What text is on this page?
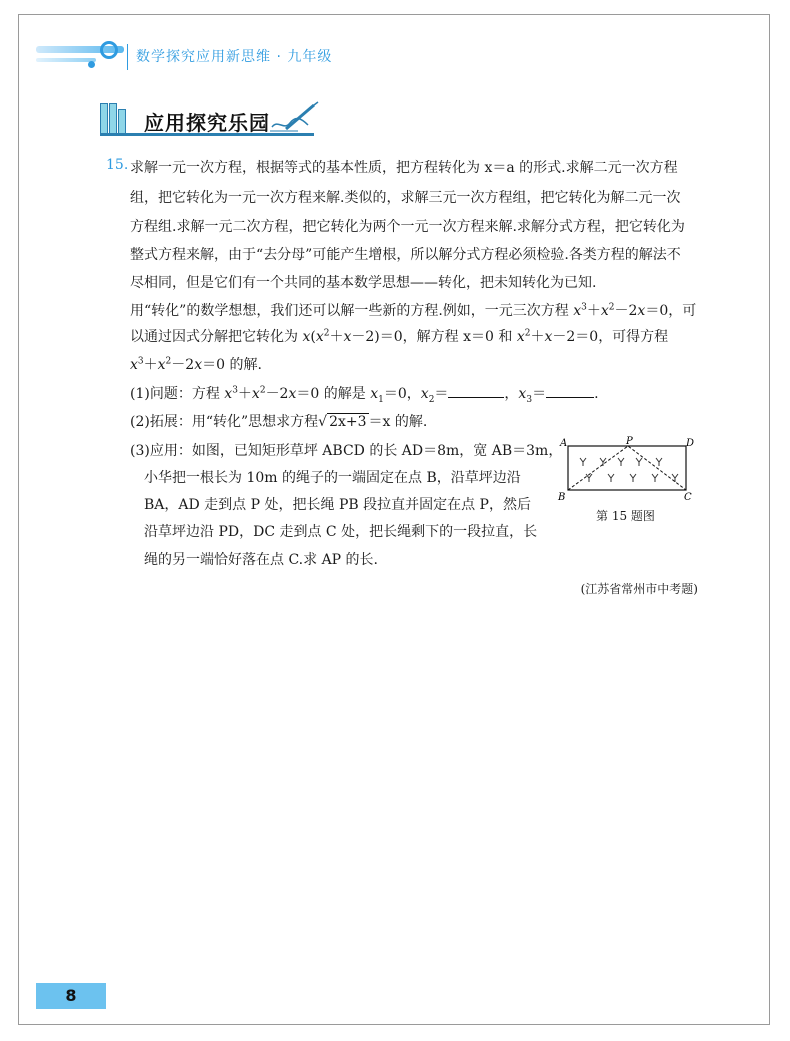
数学探究应用新思维 · 九年级
应用探究乐园
15. 求解一元一次方程，根据等式的基本性质，把方程转化为 x＝a 的形式.求解二元一次方程
组，把它转化为一元一次方程来解.类似的，求解三元一次方程组，把它转化为解二元一次
方程组.求解一元二次方程，把它转化为两个一元一次方程来解.求解分式方程，把它转化为
整式方程来解，由于“去分母”可能产生增根，所以解分式方程必须检验.各类方程的解法不
尽相同，但是它们有一个共同的基本数学思想——转化，把未知转化为已知.
用“转化”的数学想想，我们还可以解一些新的方程.例如，一元三次方程 $x^3+x^2-2x=0$，可
以通过因式分解把它转化为 $x(x^2+x-2)=0$，解方程 x＝0 和 $x^2+x-2=0$，可得方程
$x^3+x^2-2x=0$ 的解.
(1)问题：方程 $x^3+x^2-2x=0$ 的解是 $x_1=0$，$x_2=$	，$x_3=$	.
(2)拓展：用“转化”思想求方程√ 2x+3 ＝x 的解.
(3)应用：如图，已知矩形草坪 ABCD 的长 AD＝8m，宽 AB＝3m，
小华把一根长为 10m 的绳子的一端固定在点 B，沿草坪边沿
BA，AD 走到点 P 处，把长绳 PB 段拉直并固定在点 P，然后
沿草坪边沿 PD，DC 走到点 C 处，把长绳剩下的一段拉直，长
绳的另一端恰好落在点 C.求 AP 的长.
A	P	D
B	C
第 15 题图
(江苏省常州市中考题)
8
